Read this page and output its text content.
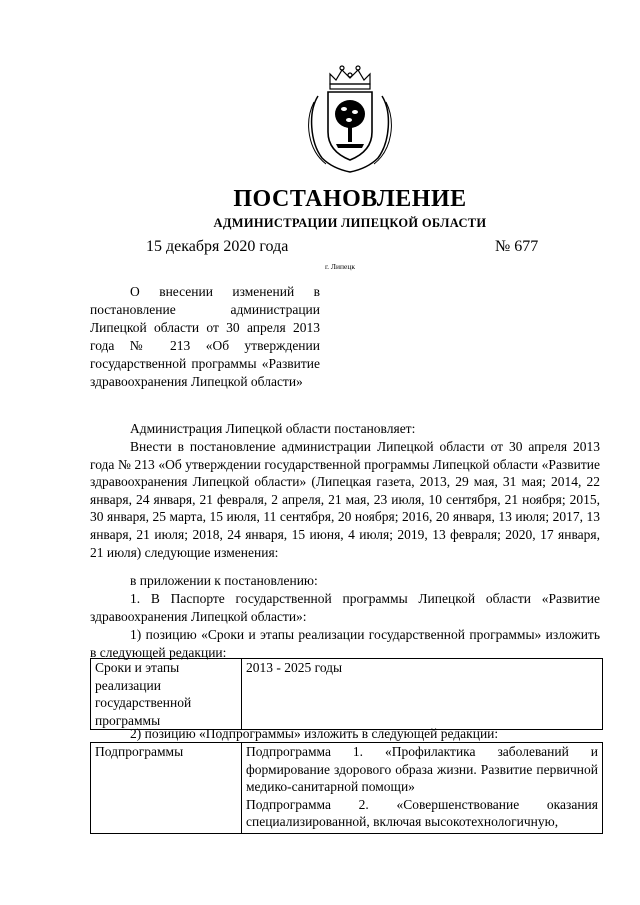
ПОСТАНОВЛЕНИЕ
АДМИНИСТРАЦИИ ЛИПЕЦКОЙ ОБЛАСТИ
15 декабря 2020 года	№ 677
г. Липецк
О внесении изменений в постановление администрации Липецкой области от 30 апреля 2013 года № 213 «Об утверждении государственной программы «Развитие здравоохранения Липецкой области»
Администрация Липецкой области постановляет:
Внести в постановление администрации Липецкой области от 30 апреля 2013 года № 213 «Об утверждении государственной программы Липецкой области «Развитие здравоохранения Липецкой области» (Липецкая газета, 2013, 29 мая, 31 мая; 2014, 22 января, 24 января, 21 февраля, 2 апреля, 21 мая, 23 июля, 10 сентября, 21 ноября; 2015, 30 января, 25 марта, 15 июля, 11 сентября, 20 ноября; 2016, 20 января, 13 июля; 2017, 13 января, 21 июля; 2018, 24 января, 15 июня, 4 июля; 2019, 13 февраля; 2020, 17 января, 21 июля) следующие изменения:
в приложении к постановлению:
1. В Паспорте государственной программы Липецкой области «Развитие здравоохранения Липецкой области»:
1) позицию «Сроки и этапы реализации государственной программы» изложить в следующей редакции:
Сроки и этапы реализации государственной программы	2013 - 2025 годы
2) позицию «Подпрограммы» изложить в следующей редакции:
Подпрограммы	Подпрограмма 1. «Профилактика заболеваний и формирование здорового образа жизни. Развитие первичной медико-санитарной помощи»
Подпрограмма 2. «Совершенствование оказания специализированной, включая высокотехнологичную,
